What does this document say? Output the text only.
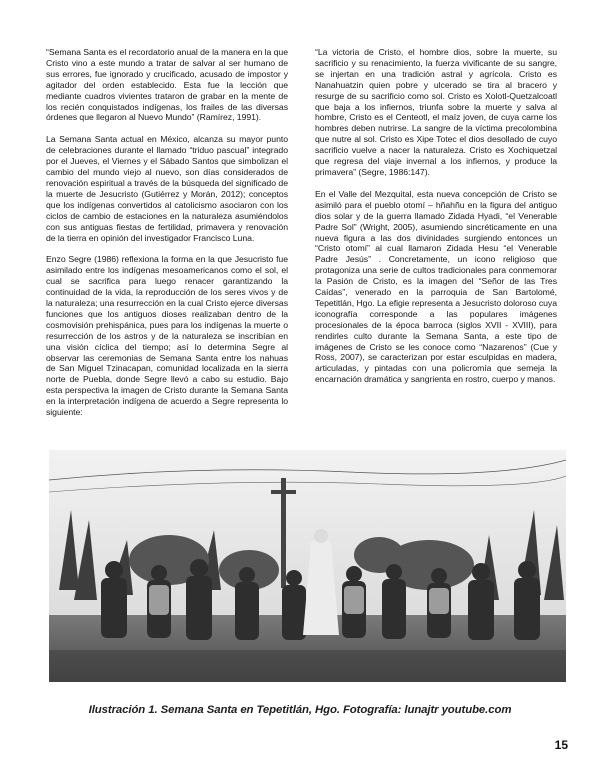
“Semana Santa es el recordatorio anual de la manera en la que Cristo vino a este mundo a tratar de salvar al ser humano de sus errores, fue ignorado y crucificado, acusado de impostor y agitador del orden establecido. Esta fue la lección que mediante cuadros vivientes trataron de grabar en la mente de los recién conquistados indígenas, los frailes de las diversas órdenes que llegaron al Nuevo Mundo” (Ramírez, 1991).

La Semana Santa actual en México, alcanza su mayor punto de celebraciones durante el llamado “triduo pascual” integrado por el Jueves, el Viernes y el Sábado Santos que simbolizan el cambio del mundo viejo al nuevo, son días considerados de renovación espiritual a través de la búsqueda del significado de la muerte de Jesucristo (Gutiérrez y Morán, 2012); conceptos que los indígenas convertidos al catolicismo asociaron con los ciclos de cambio de estaciones en la naturaleza asumiéndolos con sus antiguas fiestas de fertilidad, primavera y renovación de la tierra en opinión del investigador Francisco Luna.

Enzo Segre (1986) reflexiona la forma en la que Jesucristo fue asimilado entre los indígenas mesoamericanos como el sol, el cual se sacrifica para luego renacer garantizando la continuidad de la vida, la reproducción de los seres vivos y de la naturaleza; una resurrección en la cual Cristo ejerce diversas funciones que los antiguos dioses realizaban dentro de la cosmovisión prehispánica, pues para los indígenas la muerte o resurrección de los astros y de la naturaleza se inscribían en una visión cíclica del tiempo; así lo determina Segre al observar las ceremonias de Semana Santa entre los nahuas de San Miguel Tzinacapan, comunidad localizada en la sierra norte de Puebla, donde Segre llevó a cabo su estudio. Bajo esta perspectiva la imagen de Cristo durante la Semana Santa en la interpretación indígena de acuerdo a Segre representa lo siguiente:

“La victoria de Cristo, el hombre dios, sobre la muerte, su sacrificio y su renacimiento, la fuerza vivificante de su sangre, se injertan en una tradición astral y agrícola. Cristo es Nanahuatzin quien pobre y ulcerado se tira al bracero y resurge de su sacrificio como sol. Cristo es Xolotl-Quetzalcoatl que baja a los infiernos, triunfa sobre la muerte y salva al hombre, Cristo es el Centeotl, el maíz joven, de cuya carne los hombres deben nutrirse. La sangre de la víctima precolombina que nutre al sol. Cristo es Xipe Totec el dios desollado de cuyo sacrificio vuelve a nacer la naturaleza. Cristo es Xochiquetzal que regresa del viaje invernal a los infiernos, y produce la primavera” (Segre, 1986:147).

En el Valle del Mezquital, esta nueva concepción de Cristo se asimiló para el pueblo otomí – hñahñu en la figura del antiguo dios solar y de la guerra llamado Zidada Hyadi, “el Venerable Padre Sol” (Wright, 2005), asumiendo sincréticamente en una nueva figura a las dos divinidades surgiendo entonces un “Cristo otomí” al cual llamaron Zidada Hesu “el Venerable Padre Jesús” . Concretamente, un icono religioso que protagoniza una serie de cultos tradicionales para conmemorar la Pasión de Cristo, es la imagen del “Señor de las Tres Caídas”, venerado en la parroquia de San Bartolomé, Tepetitlán, Hgo. La efigie representa a Jesucristo doloroso cuya iconografía corresponde a las populares imágenes procesionales de la época barroca (siglos XVII - XVIII), para rendirles culto durante la Semana Santa, a este tipo de imágenes de Cristo se les conoce como “Nazarenos” (Cue y Ross, 2007), se caracterizan por estar esculpidas en madera, articuladas, y pintadas con una policromía que semeja la encarnación dramática y sangrienta en rostro, cuerpo y manos.

Ilustración 1. Semana Santa en Tepetitlán, Hgo. Fotografía: lunajtr youtube.com
15
